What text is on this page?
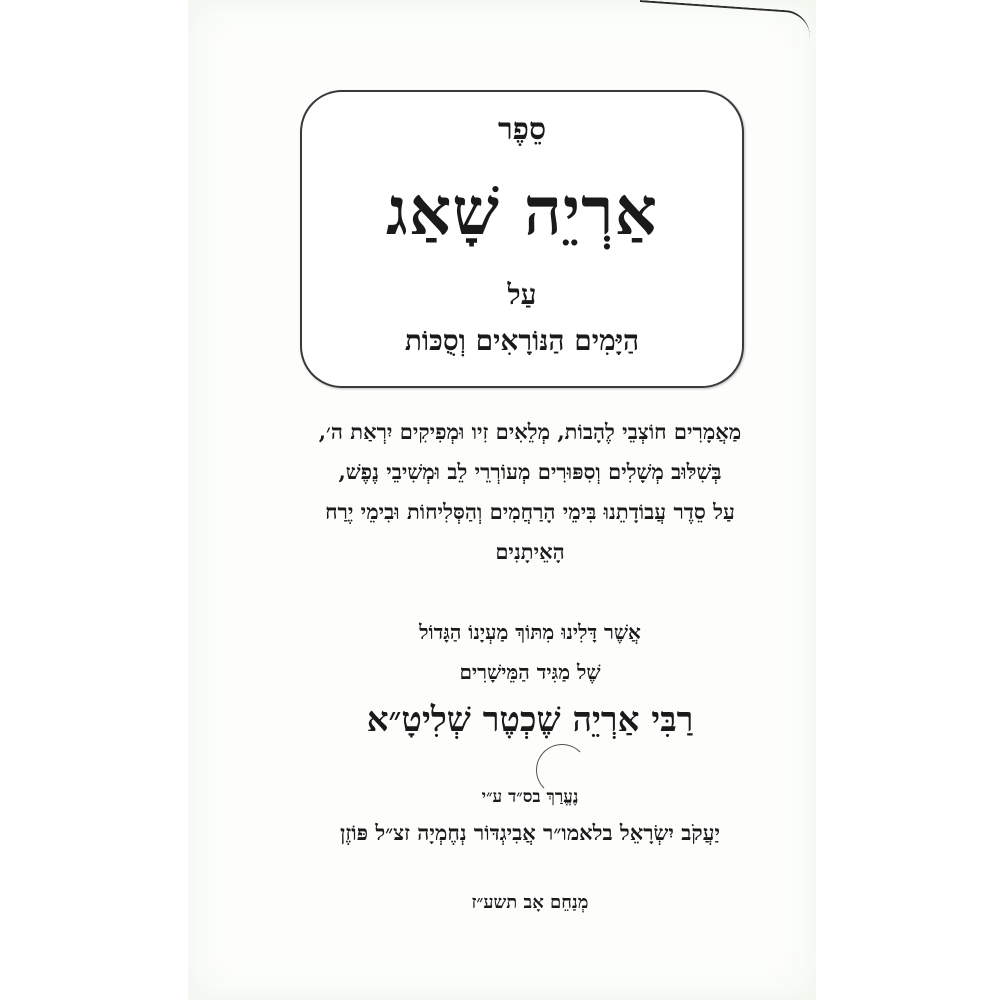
סֵפֶר
אַרְיֵה שָׁאַג
עַל
הַיָּמִים הַנּוֹרָאִים וְסֻכּוֹת
מַאֲמָרִים חוֹצְבֵי לֶהָבוֹת, מְלֵאִים זִיו וּמְפִיקִים יִרְאַת ה׳,
בְּשִׁלּוּב מְשָׁלִים וְסִפּוּרִים מְעוֹרְרֵי לֵב וּמְשִׁיבֵי נֶפֶשׁ,
עַל סֵדֶר עֲבוֹדָתֵנוּ בִּימֵי הָרַחֲמִים וְהַסְּלִיחוֹת וּבִימֵי יֶרַח
הָאֵיתָנִים
אֲשֶׁר דָּלִינוּ מִתּוֹךְ מַעְיָנוֹ הַגָּדוֹל
שֶׁל מַגִּיד הַמֵּישָׁרִים
רַבִּי אַרְיֵה שֶׁכְטֶר שְׁלִיטָ״א
נֶעֱרַךְ בס״ד ע״י
יַעֲקֹב יִשְׂרָאֵל בלאמו״ר אֲבִיגְדּוֹר נְחֶמְיָה זצ״ל פּוֹזֶן
מְנַחֵם אָב תשע״ז
